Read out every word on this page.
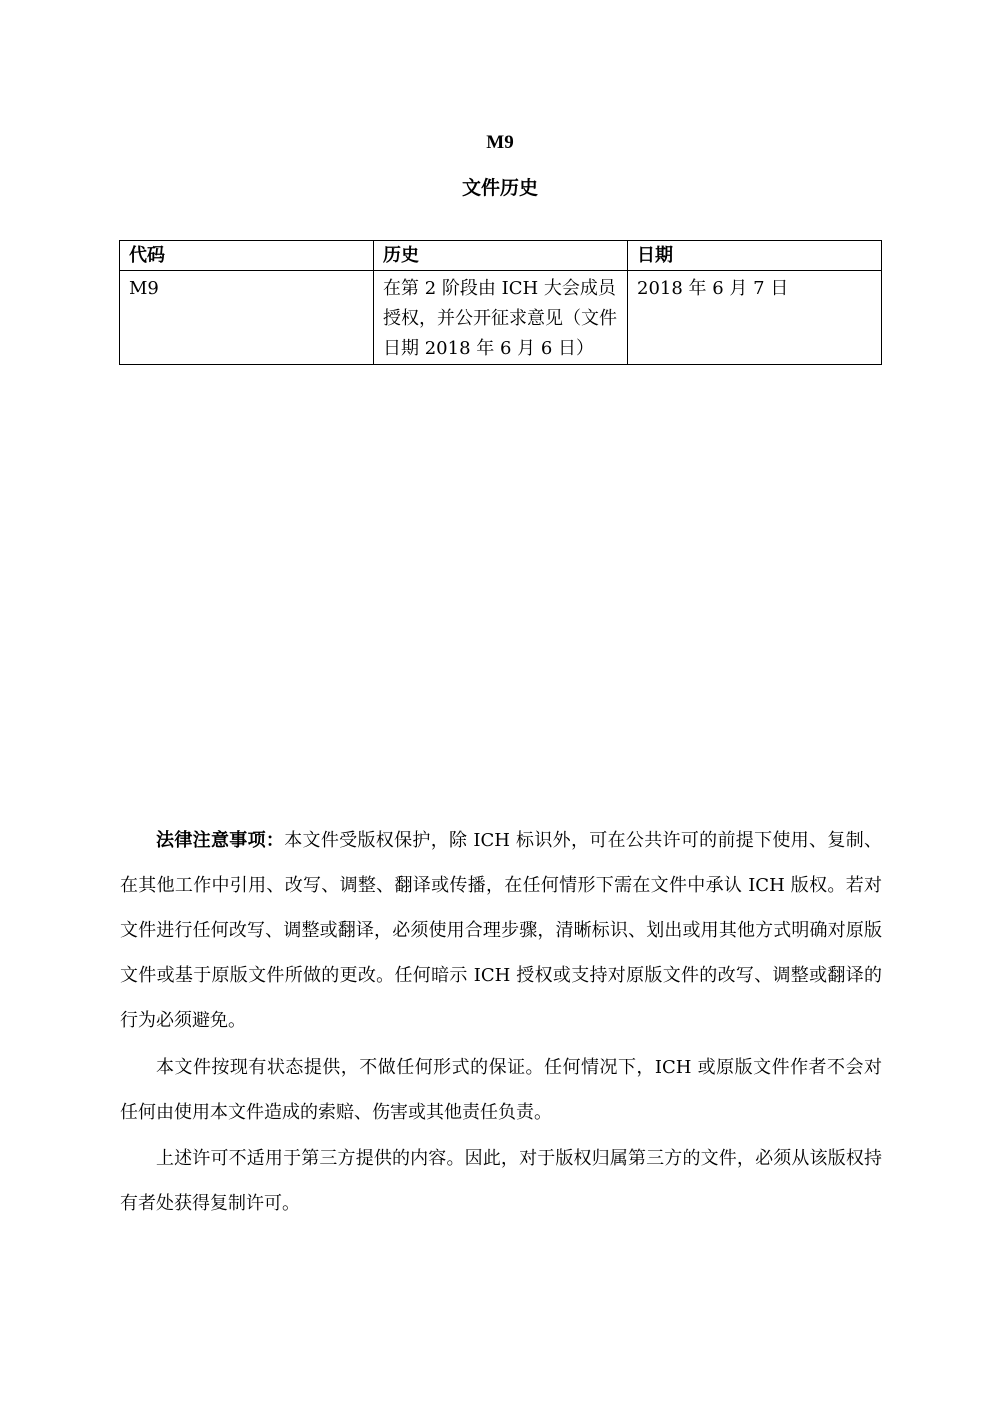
M9
文件历史
代码	历史	日期
M9	在第 2 阶段由 ICH 大会成员授权，并公开征求意见（文件日期 2018 年 6 月 6 日）	2018 年 6 月 7 日

法律注意事项：本文件受版权保护，除 ICH 标识外，可在公共许可的前提下使用、复制、在其他工作中引用、改写、调整、翻译或传播，在任何情形下需在文件中承认 ICH 版权。若对文件进行任何改写、调整或翻译，必须使用合理步骤，清晰标识、划出或用其他方式明确对原版文件或基于原版文件所做的更改。任何暗示 ICH 授权或支持对原版文件的改写、调整或翻译的行为必须避免。

本文件按现有状态提供，不做任何形式的保证。任何情况下，ICH 或原版文件作者不会对任何由使用本文件造成的索赔、伤害或其他责任负责。

上述许可不适用于第三方提供的内容。因此，对于版权归属第三方的文件，必须从该版权持有者处获得复制许可。
